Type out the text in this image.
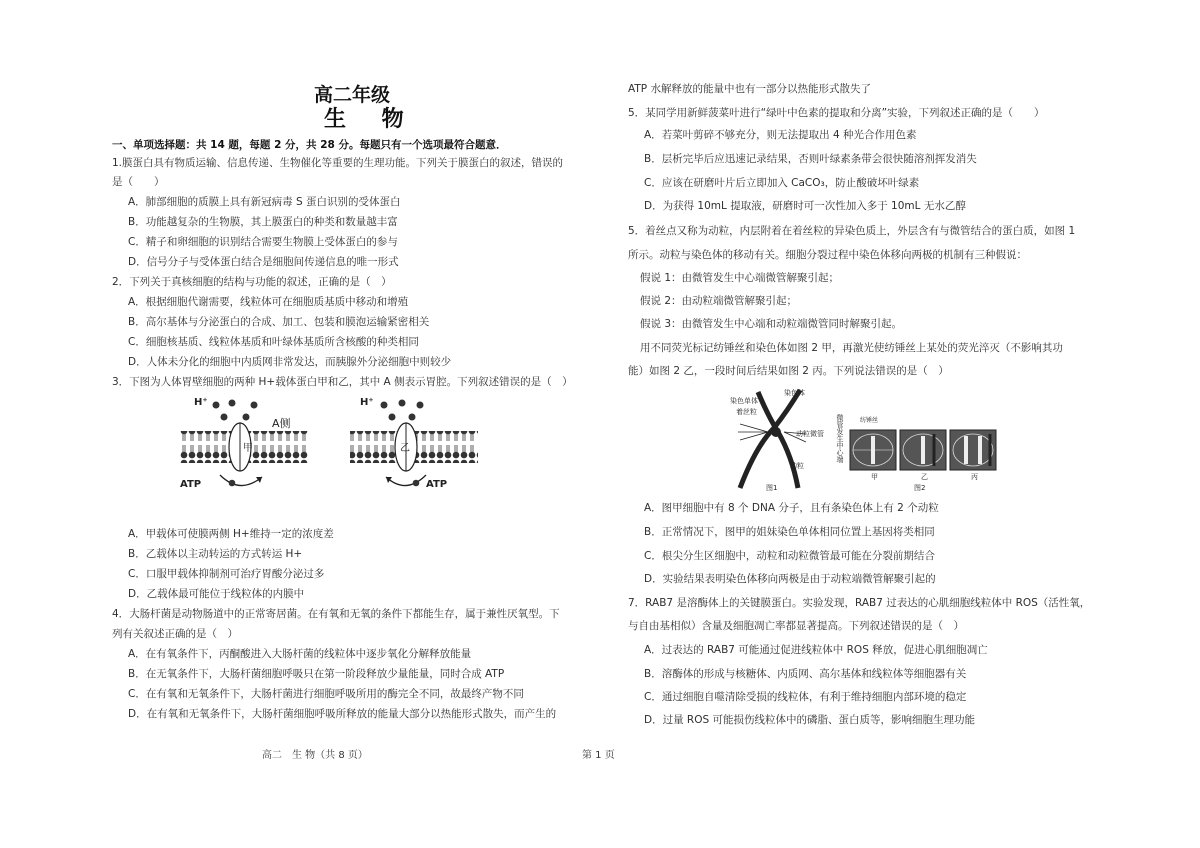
高二年级
生 物
一、单项选择题：共 14 题，每题 2 分，共 28 分。每题只有一个选项最符合题意．
1.膜蛋白具有物质运输、信息传递、生物催化等重要的生理功能。下列关于膜蛋白的叙述，错误的
是（　　）
A．肺部细胞的质膜上具有新冠病毒 S 蛋白识别的受体蛋白
B．功能越复杂的生物膜，其上膜蛋白的种类和数量越丰富
C．精子和卵细胞的识别结合需要生物膜上受体蛋白的参与
D．信号分子与受体蛋白结合是细胞间传递信息的唯一形式
2．下列关于真核细胞的结构与功能的叙述，正确的是（　）
A．根据细胞代谢需要，线粒体可在细胞质基质中移动和增殖
B．高尔基体与分泌蛋白的合成、加工、包装和膜泡运输紧密相关
C．细胞核基质、线粒体基质和叶绿体基质所含核酸的种类相同
D．人体未分化的细胞中内质网非常发达，而胰腺外分泌细胞中则较少
3．下图为人体胃壁细胞的两种 H+载体蛋白甲和乙，其中 A 侧表示胃腔。下列叙述错误的是（　）
甲
H⁺
A侧
ATP
乙
H⁺
ATP
A．甲载体可使膜两侧 H+维持一定的浓度差
B．乙载体以主动转运的方式转运 H+
C．口服甲载体抑制剂可治疗胃酸分泌过多
D．乙载体最可能位于线粒体的内膜中
4．大肠杆菌是动物肠道中的正常寄居菌。在有氧和无氧的条件下都能生存，属于兼性厌氧型。下
列有关叙述正确的是（　）
A．在有氧条件下，丙酮酸进入大肠杆菌的线粒体中逐步氧化分解释放能量
B．在无氧条件下，大肠杆菌细胞呼吸只在第一阶段释放少量能量，同时合成 ATP
C．在有氧和无氧条件下，大肠杆菌进行细胞呼吸所用的酶完全不同，故最终产物不同
D．在有氧和无氧条件下，大肠杆菌细胞呼吸所释放的能量大部分以热能形式散失，而产生的
ATP 水解释放的能量中也有一部分以热能形式散失了
5．某同学用新鲜菠菜叶进行“绿叶中色素的提取和分离”实验，下列叙述正确的是（　　）
A．若菜叶剪碎不够充分，则无法提取出 4 种光合作用色素
B．层析完毕后应迅速记录结果，否则叶绿素条带会很快随溶剂挥发消失
C．应该在研磨叶片后立即加入 CaCO₃，防止酸破坏叶绿素
D．为获得 10mL 提取液，研磨时可一次性加入多于 10mL 无水乙醇
5．着丝点又称为动粒，内层附着在着丝粒的异染色质上，外层含有与微管结合的蛋白质，如图 1
所示。动粒与染色体的移动有关。细胞分裂过程中染色体移向两极的机制有三种假说：
假说 1：由微管发生中心端微管解聚引起；
假说 2：由动粒端微管解聚引起；
假说 3：由微管发生中心端和动粒端微管同时解聚引起。
用不同荧光标记纺锤丝和染色体如图 2 甲，再激光使纺锤丝上某处的荧光淬灭（不影响其功
能）如图 2 乙，一段时间后结果如图 2 丙。下列说法错误的是（　）
染色单体
着丝粒
染色体
动粒微管
动粒
图1
微管发生中心端	纺锤丝
甲	乙	丙
图2
A．图甲细胞中有 8 个 DNA 分子，且有条染色体上有 2 个动粒
B．正常情况下，图甲的姐妹染色单体相同位置上基因将类相同
C．根尖分生区细胞中，动粒和动粒微管最可能在分裂前期结合
D．实验结果表明染色体移向两极是由于动粒端微管解聚引起的
7．RAB7 是溶酶体上的关键膜蛋白。实验发现，RAB7 过表达的心肌细胞线粒体中 ROS（活性氧，
与自由基相似）含量及细胞凋亡率都显著提高。下列叙述错误的是（　）
A．过表达的 RAB7 可能通过促进线粒体中 ROS 释放，促进心肌细胞凋亡
B．溶酶体的形成与核糖体、内质网、高尔基体和线粒体等细胞器有关
C．通过细胞自噬清除受损的线粒体，有利于维持细胞内部环境的稳定
D．过量 ROS 可能损伤线粒体中的磷脂、蛋白质等，影响细胞生理功能
高二　生 物（共 8 页）	第 1 页
